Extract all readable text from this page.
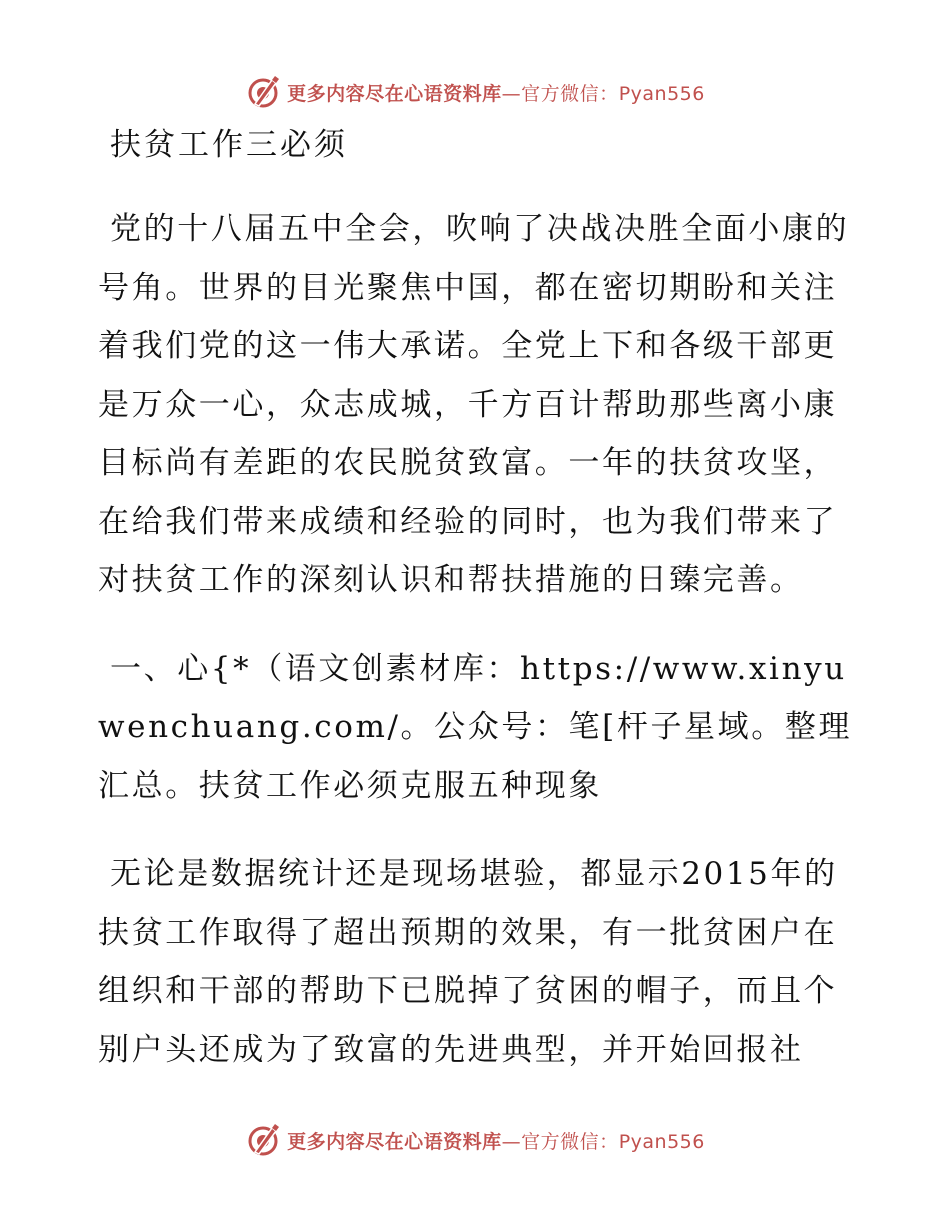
更多内容尽在心语资料库—官方微信：Pyan556
扶贫工作三必须

党的十八届五中全会，吹响了决战决胜全面小康的号角。世界的目光聚焦中国，都在密切期盼和关注着我们党的这一伟大承诺。全党上下和各级干部更是万众一心，众志成城，千方百计帮助那些离小康目标尚有差距的农民脱贫致富。一年的扶贫攻坚，在给我们带来成绩和经验的同时，也为我们带来了对扶贫工作的深刻认识和帮扶措施的日臻完善。

一、心{*（语文创素材库：https://www.xinyuwenchuang.com/。公众号：笔[杆子星域。整理汇总。扶贫工作必须克服五种现象

无论是数据统计还是现场堪验，都显示2015年的扶贫工作取得了超出预期的效果，有一批贫困户在组织和干部的帮助下已脱掉了贫困的帽子，而且个别户头还成为了致富的先进典型，并开始回报社

更多内容尽在心语资料库—官方微信：Pyan556
